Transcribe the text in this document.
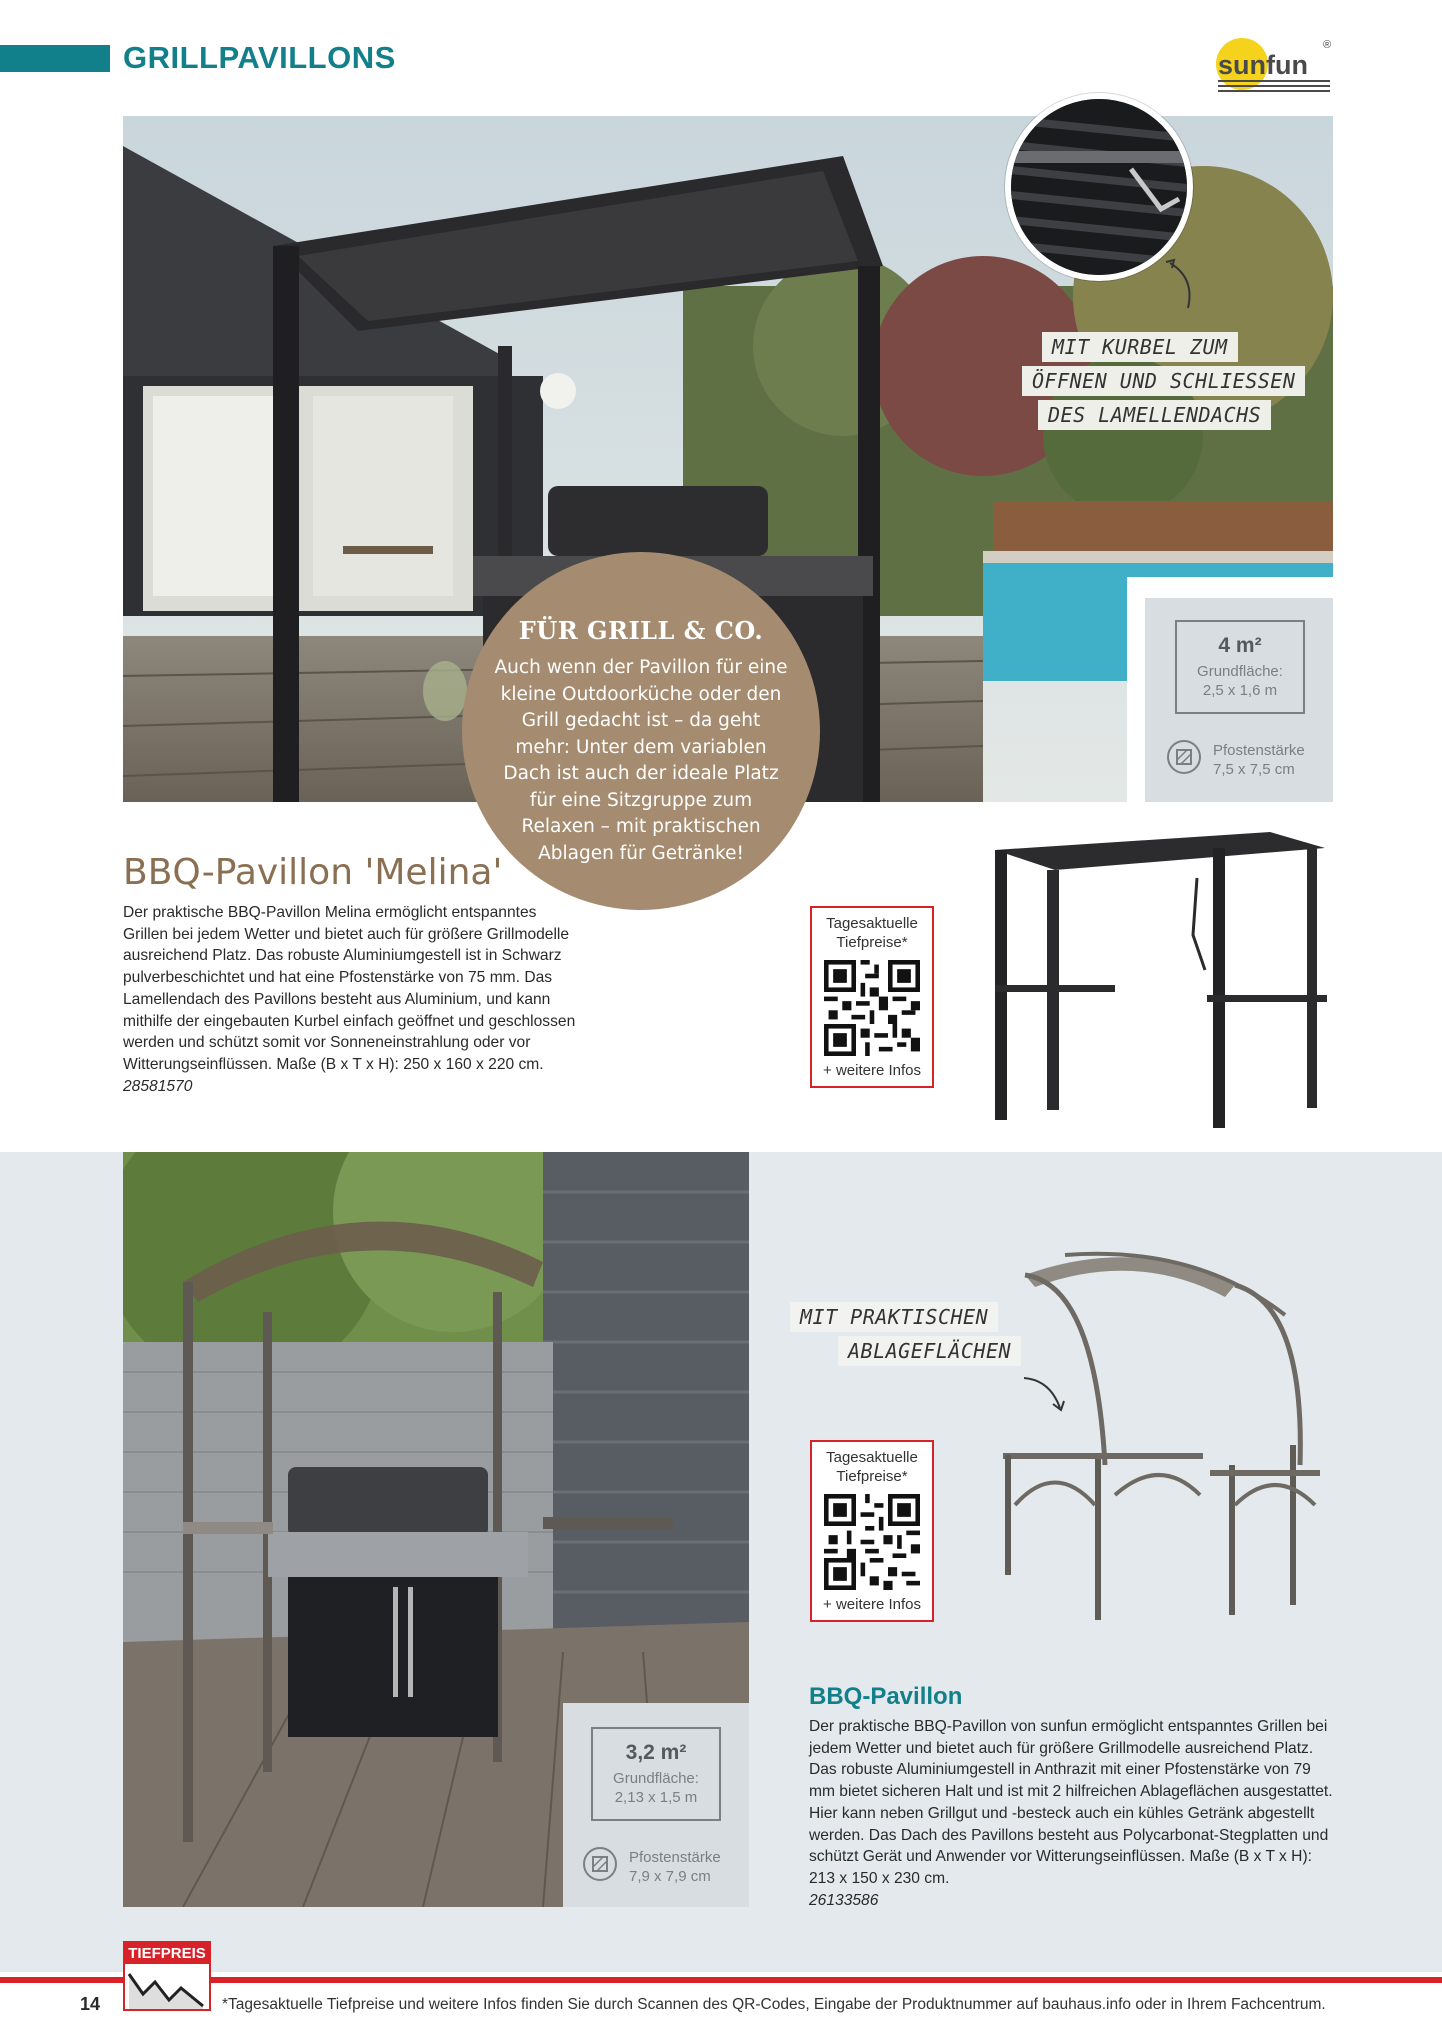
GRILLPAVILLONS	sunfun
®
MIT KURBEL ZUM
ÖFFNEN UND SCHLIESSEN
DES LAMELLENDACHS
4 m²
Grundfläche:
2,5 x 1,6 m
Pfostenstärke
7,5 x 7,5 cm
FÜR GRILL & CO.
Auch wenn der Pavillon für eine kleine Outdoorküche oder den Grill gedacht ist – da geht mehr: Unter dem variablen Dach ist auch der ideale Platz für eine Sitzgruppe zum Relaxen – mit praktischen Ablagen für Getränke!
BBQ-Pavillon 'Melina'
Der praktische BBQ-Pavillon Melina ermöglicht entspanntes Grillen bei jedem Wetter und bietet auch für größere Grillmodelle ausreichend Platz. Das robuste Aluminiumgestell ist in Schwarz pulverbeschichtet und hat eine Pfostenstärke von 75 mm. Das Lamellendach des Pavillons besteht aus Aluminium, und kann mithilfe der eingebauten Kurbel einfach geöffnet und geschlossen werden und schützt somit vor Sonneneinstrahlung oder vor Witterungseinflüssen. Maße (B x T x H): 250 x 160 x 220 cm.
28581570
Tagesaktuelle Tiefpreise*
+ weitere Infos
3,2 m²
Grundfläche:
2,13 x 1,5 m
Pfostenstärke
7,9 x 7,9 cm
MIT PRAKTISCHEN
ABLAGEFLÄCHEN
Tagesaktuelle Tiefpreise*
+ weitere Infos
BBQ-Pavillon
Der praktische BBQ-Pavillon von sunfun ermöglicht entspanntes Grillen bei jedem Wetter und bietet auch für größere Grillmodelle ausreichend Platz. Das robuste Aluminiumgestell in Anthrazit mit einer Pfostenstärke von 79 mm bietet sicheren Halt und ist mit 2 hilfreichen Ablageflächen ausgestattet. Hier kann neben Grillgut und -besteck auch ein kühles Getränk abgestellt werden. Das Dach des Pavillons besteht aus Polycarbonat-Stegplatten und schützt Gerät und Anwender vor Witterungseinflüssen. Maße (B x T x H): 213 x 150 x 230 cm.
26133586
TIEFPREIS
14	*Tagesaktuelle Tiefpreise und weitere Infos finden Sie durch Scannen des QR-Codes, Eingabe der Produktnummer auf bauhaus.info oder in Ihrem Fachcentrum.
